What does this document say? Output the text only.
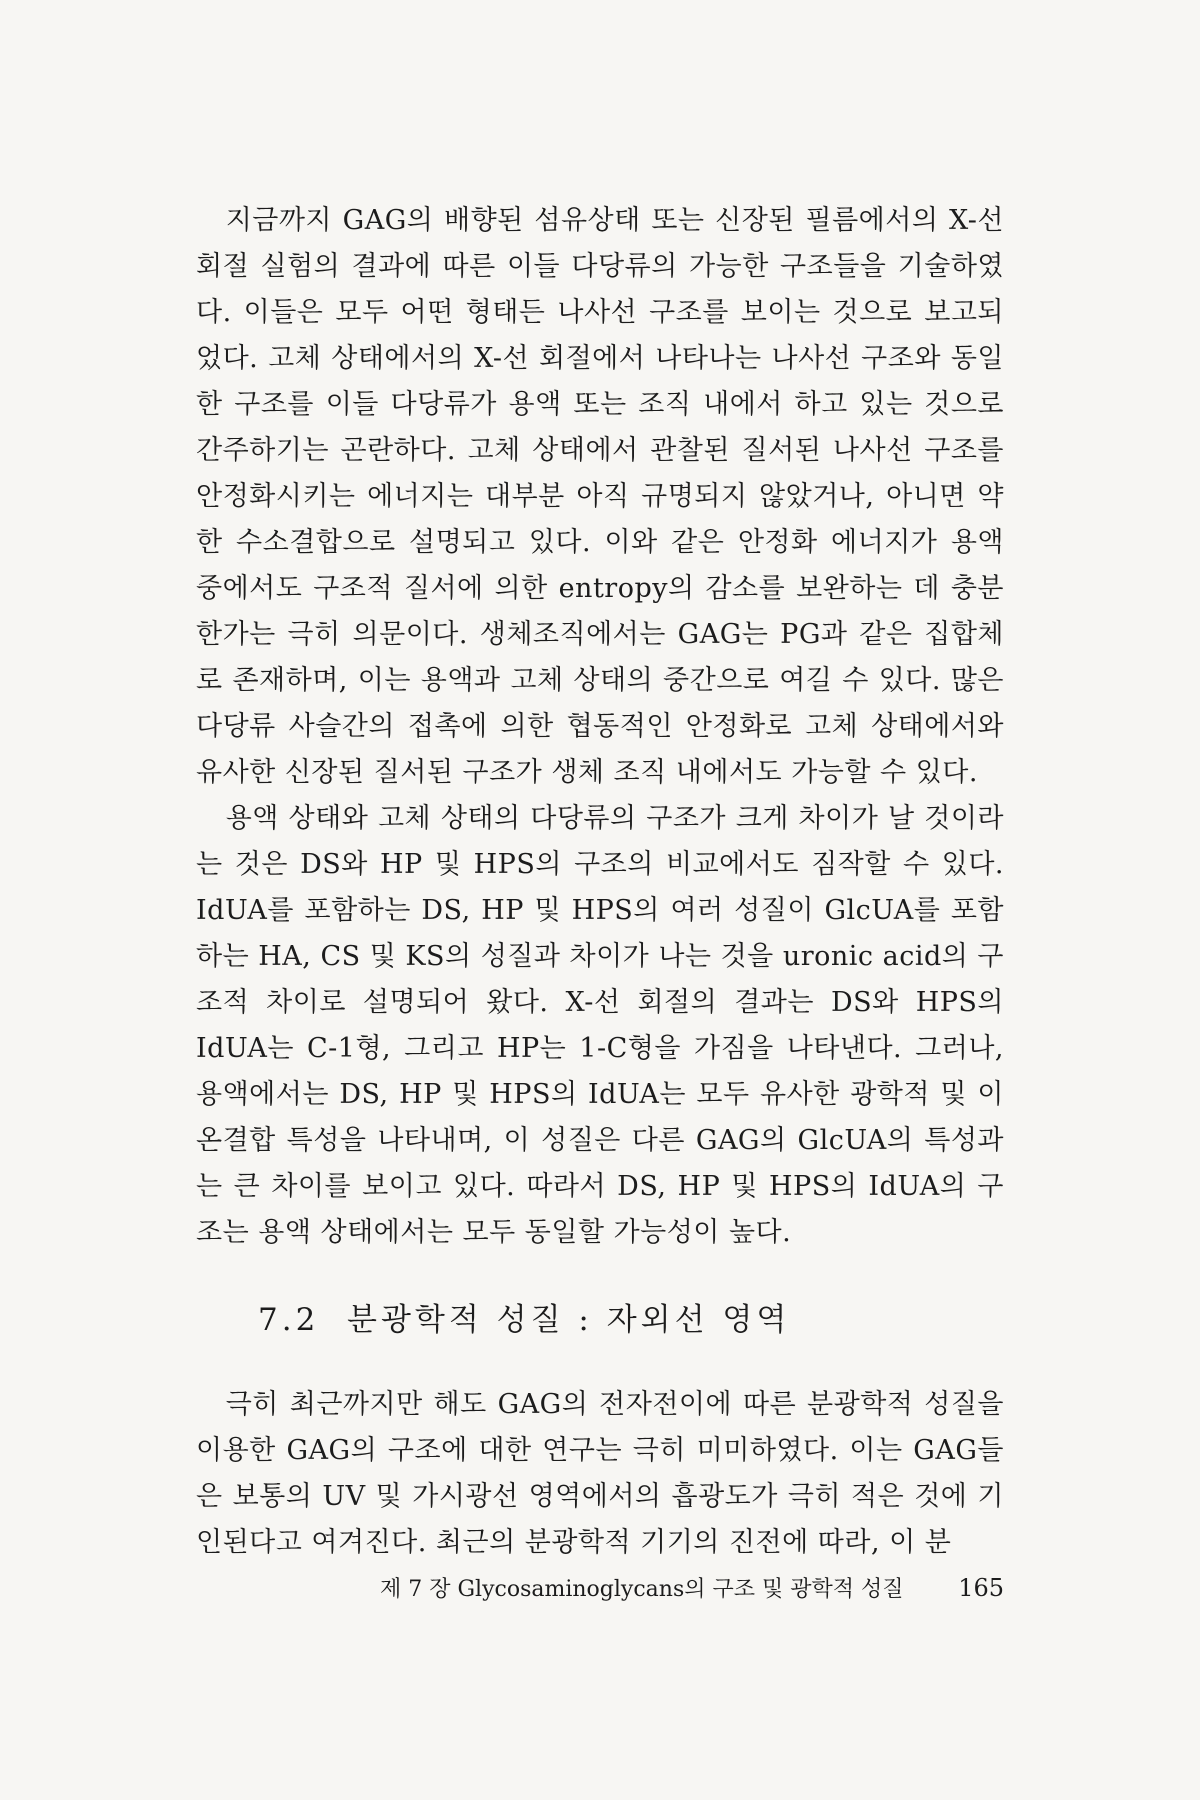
지금까지 GAG의 배향된 섬유상태 또는 신장된 필름에서의 X-선 회절 실험의 결과에 따른 이들 다당류의 가능한 구조들을 기술하였다. 이들은 모두 어떤 형태든 나사선 구조를 보이는 것으로 보고되었다. 고체 상태에서의 X-선 회절에서 나타나는 나사선 구조와 동일한 구조를 이들 다당류가 용액 또는 조직 내에서 하고 있는 것으로 간주하기는 곤란하다. 고체 상태에서 관찰된 질서된 나사선 구조를 안정화시키는 에너지는 대부분 아직 규명되지 않았거나, 아니면 약한 수소결합으로 설명되고 있다. 이와 같은 안정화 에너지가 용액 중에서도 구조적 질서에 의한 entropy의 감소를 보완하는 데 충분한가는 극히 의문이다. 생체조직에서는 GAG는 PG과 같은 집합체로 존재하며, 이는 용액과 고체 상태의 중간으로 여길 수 있다. 많은 다당류 사슬간의 접촉에 의한 협동적인 안정화로 고체 상태에서와 유사한 신장된 질서된 구조가 생체 조직 내에서도 가능할 수 있다.

용액 상태와 고체 상태의 다당류의 구조가 크게 차이가 날 것이라는 것은 DS와 HP 및 HPS의 구조의 비교에서도 짐작할 수 있다. IdUA를 포함하는 DS, HP 및 HPS의 여러 성질이 GlcUA를 포함하는 HA, CS 및 KS의 성질과 차이가 나는 것을 uronic acid의 구조적 차이로 설명되어 왔다. X-선 회절의 결과는 DS와 HPS의 IdUA는 C-1형, 그리고 HP는 1-C형을 가짐을 나타낸다. 그러나, 용액에서는 DS, HP 및 HPS의 IdUA는 모두 유사한 광학적 및 이온결합 특성을 나타내며, 이 성질은 다른 GAG의 GlcUA의 특성과는 큰 차이를 보이고 있다. 따라서 DS, HP 및 HPS의 IdUA의 구조는 용액 상태에서는 모두 동일할 가능성이 높다.

7.2 분광학적 성질 : 자외선 영역

극히 최근까지만 해도 GAG의 전자전이에 따른 분광학적 성질을 이용한 GAG의 구조에 대한 연구는 극히 미미하였다. 이는 GAG들은 보통의 UV 및 가시광선 영역에서의 흡광도가 극히 적은 것에 기인된다고 여겨진다. 최근의 분광학적 기기의 진전에 따라, 이 분

제 7 장 Glycosaminoglycans의 구조 및 광학적 성질 165
